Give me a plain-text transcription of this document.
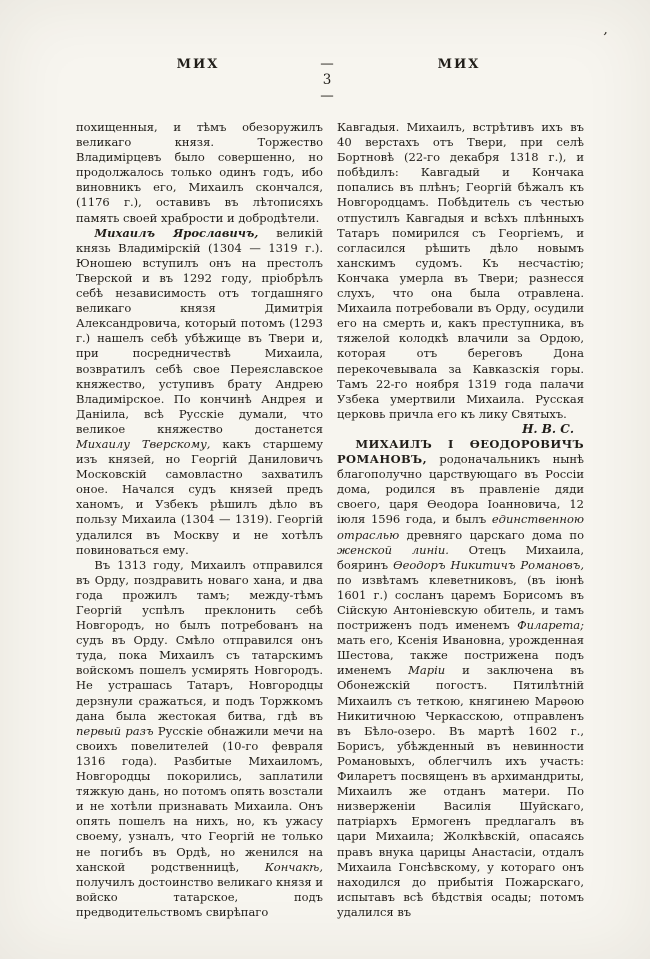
’
МИХ	— 3 —
МИХ

похищенныя, и тѣмъ обезоружилъ великаго князя. Торжество Владимірцевъ было совершенно, но продолжалось только одинъ годъ, ибо виновникъ его, Михаилъ скончался, (1176 г.), оставивъ въ лѣтописяхъ память своей храбрости и добродѣтели.

Михаилъ Ярославичъ, великій князь Владимірскій (1304 — 1319 г.). Юношею вступилъ онъ на престолъ Тверской и въ 1292 году, пріобрѣлъ себѣ независимость отъ тогдашняго великаго князя Димитрія Александровича, который потомъ (1293 г.) нашелъ себѣ убѣжище въ Твери и, при посредничествѣ Михаила, возвратилъ себѣ свое Переяславское княжество, уступивъ брату Андрею Владимірское. По кончинѣ Андрея и Даніила, всѣ Русскіе думали, что великое княжество достанется Михаилу Тверскому, какъ старшему изъ князей, но Георгій Даниловичъ Московскій самовластно захватилъ оное. Начался судъ князей предъ ханомъ, и Узбекъ рѣшилъ дѣло въ пользу Михаила (1304 — 1319). Георгій удалился въ Москву и не хотѣлъ повиноваться ему.

Въ 1313 году, Михаилъ отправился въ Орду, поздравить новаго хана, и два года прожилъ тамъ; между-тѣмъ Георгій успѣлъ преклонить себѣ Новгородъ, но былъ потребованъ на судъ въ Орду. Смѣло отправился онъ туда, пока Михаилъ съ татарскимъ войскомъ пошелъ усмирять Новгородъ. Не устрашась Татаръ, Новгородцы дерзнули сражаться, и подъ Торжкомъ дана была жестокая битва, гдѣ въ первый разъ Русскіе обнажили мечи на своихъ повелителей (10-го февраля 1316 года). Разбитые Михаиломъ, Новгородцы покорились, заплатили тяжкую дань, но потомъ опять возстали и не хотѣли признавать Михаила. Онъ опять пошелъ на нихъ, но, къ ужасу своему, узналъ, что Георгій не только не погибъ въ Ордѣ, но женился на ханской родственницѣ, Кончакѣ, получилъ достоинство великаго князя и войско татарское, подъ предводительствомъ свирѣпаго

Кавгадыя. Михаилъ, встрѣтивъ ихъ въ 40 верстахъ отъ Твери, при селѣ Бортновѣ (22-го декабря 1318 г.), и побѣдилъ: Кавгадый и Кончака попались въ плѣнъ; Георгій бѣжалъ къ Новгородцамъ. Побѣдитель съ честью отпустилъ Кавгадыя и всѣхъ плѣнныхъ Татаръ помирился съ Георгіемъ, и согласился рѣшить дѣло новымъ ханскимъ судомъ. Къ несчастію; Кончака умерла въ Твери; разнесся слухъ, что она была отравлена. Михаила потребовали въ Орду, осудили его на смерть и, какъ преступника, въ тяжелой колодкѣ влачили за Ордою, которая отъ береговъ Дона перекочевывала за Кавказскія горы. Тамъ 22-го ноября 1319 года палачи Узбека умертвили Михаила. Русская церковь причла его къ лику Святыхъ.

Н. В. С.

МИХАИЛЪ I ѲЕОДОРОВИЧЪ РОМАНОВЪ, родоначальникъ нынѣ благополучно царствующаго въ Россіи дома, родился въ правленіе дяди своего, царя Ѳеодора Іоанновича, 12 іюля 1596 года, и былъ единственною отраслью древняго царскаго дома по женской линіи. Отецъ Михаила, бояринъ Ѳеодоръ Никитичъ Романовъ, по извѣтамъ клеветниковъ, (въ іюнѣ 1601 г.) сосланъ царемъ Борисомъ въ Сійскую Антоніевскую обитель, и тамъ постриженъ подъ именемъ Филарета; мать его, Ксенія Ивановна, урожденная Шестова, также пострижена подъ именемъ Маріи и заключена въ Обонежскій погостъ. Пятилѣтній Михаилъ съ теткою, княгинею Марѳою Никитичною Черкасскою, отправленъ въ Бѣло-озеро. Въ мартѣ 1602 г., Борисъ, убѣжденный въ невинности Романовыхъ, облегчилъ ихъ участь: Филаретъ посвященъ въ архимандриты, Михаилъ же отданъ матери. По низверженіи Василія Шуйскаго, патріархъ Ермогенъ предлагалъ въ цари Михаила; Жолкѣвскій, опасаясь правъ внука царицы Анастасіи, отдалъ Михаила Гонсѣвскому, у котораго онъ находился до прибытія Пожарскаго, испытавъ всѣ бѣдствія осады; потомъ удалился въ
